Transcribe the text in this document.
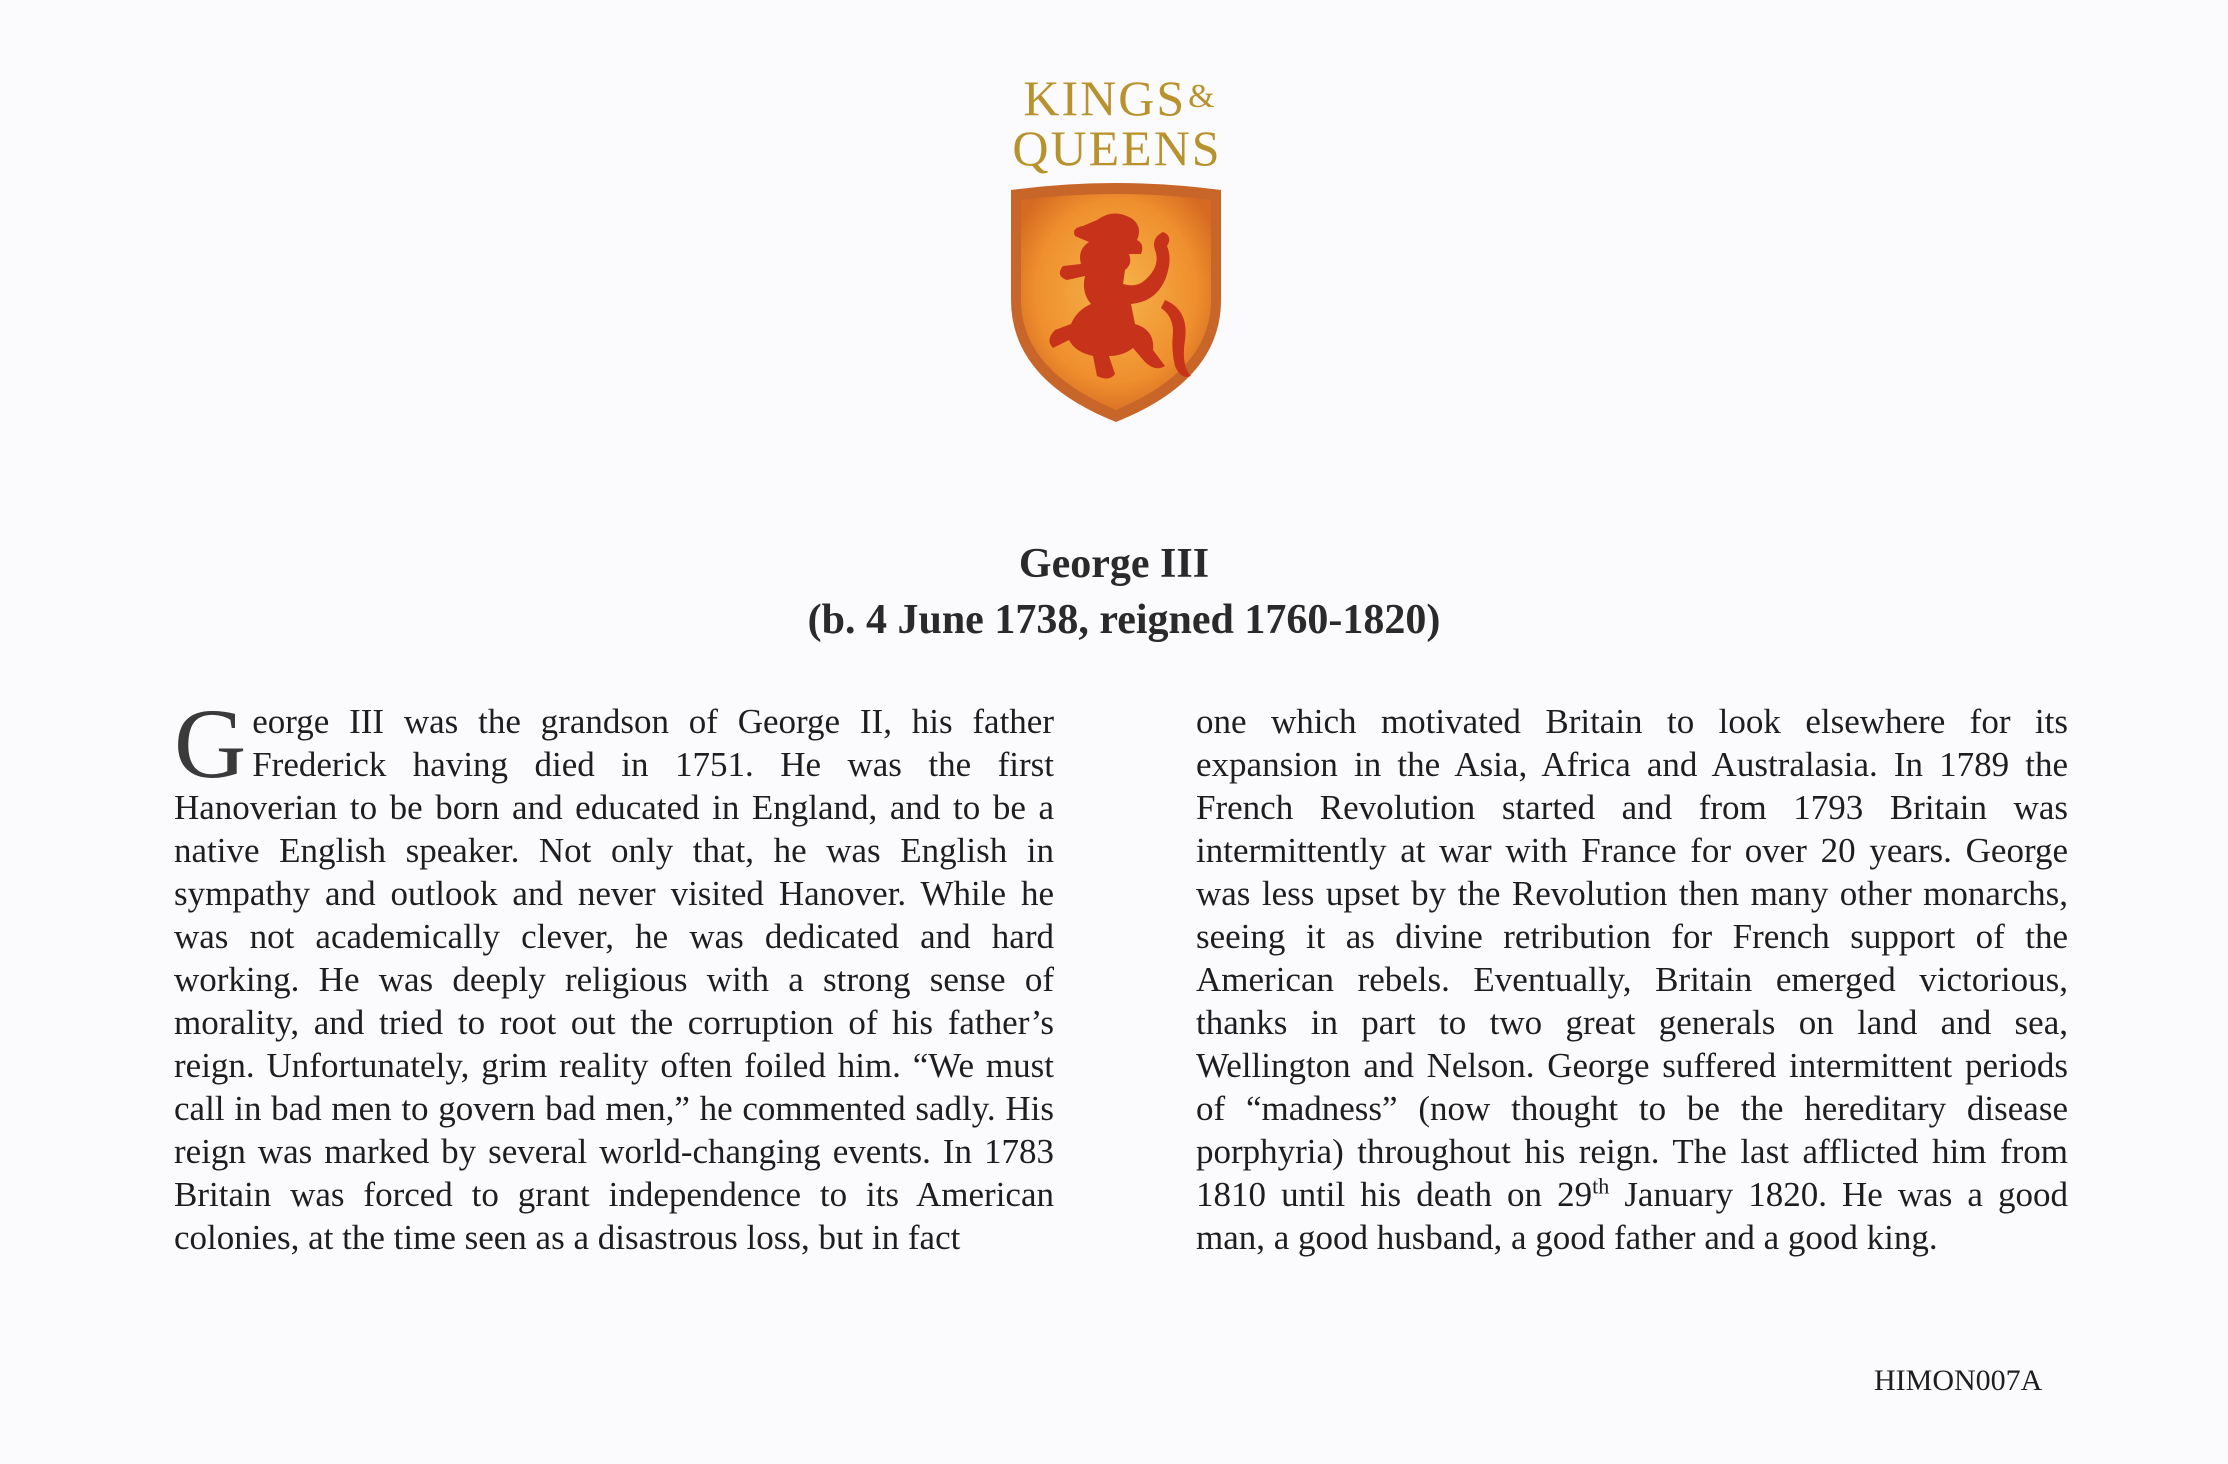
KINGS&
QUEENS
George III
(b. 4 June 1738, reigned 1760-1820)
George III was the grandson of George II, his father Frederick having died in 1751. He was the first Hanoverian to be born and educated in England, and to be a native English speaker. Not only that, he was English in sympathy and outlook and never visited Hanover. While he was not academically clever, he was dedicated and hard working. He was deeply religious with a strong sense of morality, and tried to root out the corruption of his father’s reign. Unfortunately, grim reality often foiled him. “We must call in bad men to govern bad men,” he commented sadly. His reign was marked by several world-changing events. In 1783 Britain was forced to grant independence to its American colonies, at the time seen as a disastrous loss, but in fact
one which motivated Britain to look elsewhere for its expansion in the Asia, Africa and Australasia. In 1789 the French Revolution started and from 1793 Britain was intermittently at war with France for over 20 years. George was less upset by the Revolution then many other monarchs, seeing it as divine retribution for French support of the American rebels. Eventually, Britain emerged victorious, thanks in part to two great generals on land and sea, Wellington and Nelson. George suffered intermittent periods of “madness” (now thought to be the hereditary disease porphyria) throughout his reign. The last afflicted him from 1810 until his death on 29th January 1820. He was a good man, a good husband, a good father and a good king.
HIMON007A
